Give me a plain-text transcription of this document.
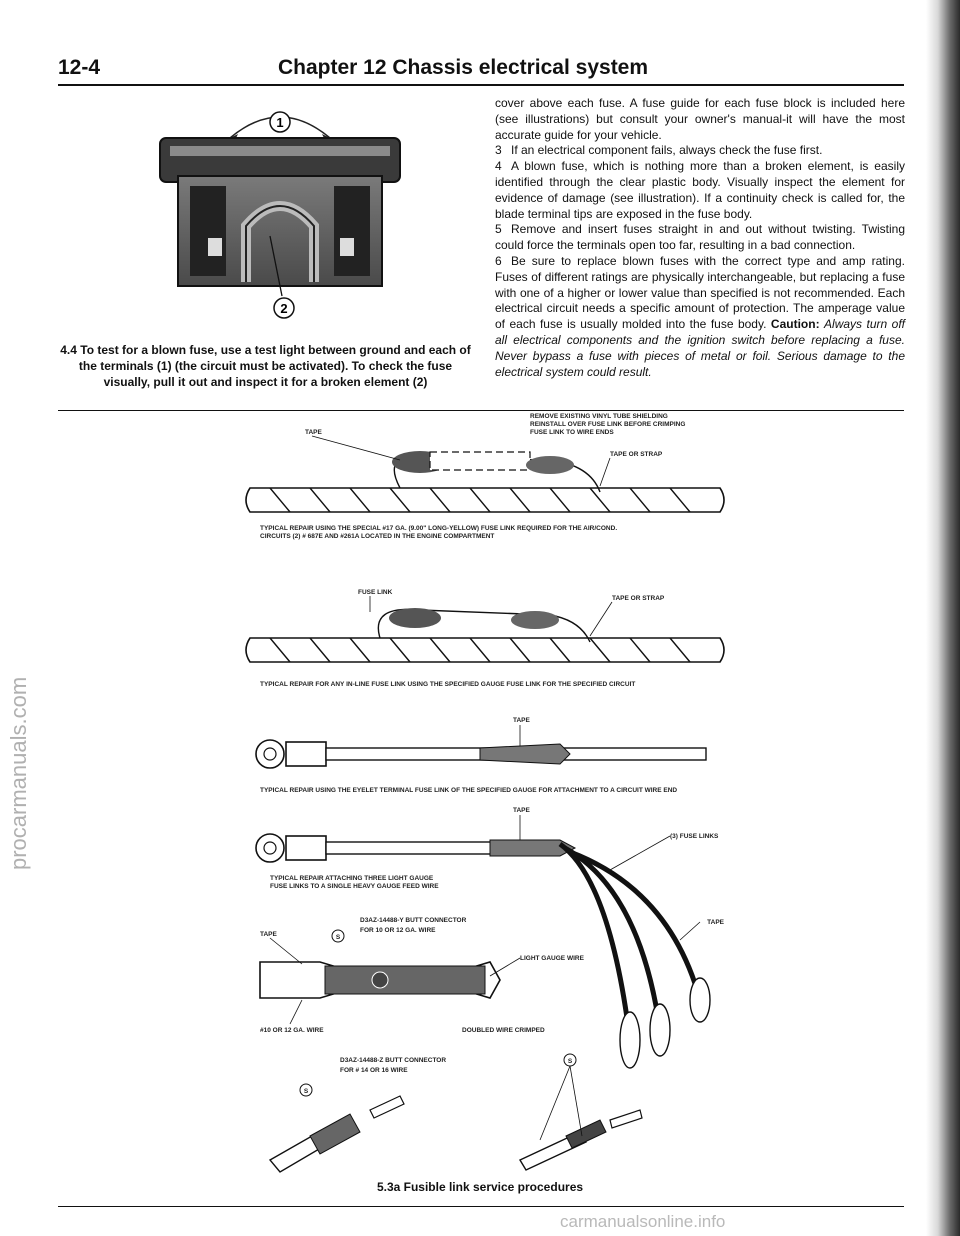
12-4	Chapter 12 Chassis electrical system
1
2
4.4 To test for a blown fuse, use a test light between ground and each of the terminals (1) (the circuit must be activated). To check the fuse visually, pull it out and inspect it for a broken element (2)

cover above each fuse. A fuse guide for each fuse block is included here (see illustrations) but consult your owner's manual-it will have the most accurate guide for your vehicle.

3 If an electrical component fails, always check the fuse first.

4 A blown fuse, which is nothing more than a broken element, is easily identified through the clear plastic body. Visually inspect the element for evidence of damage (see illustration). If a continuity check is called for, the blade terminal tips are exposed in the fuse body.

5 Remove and insert fuses straight in and out without twisting. Twisting could force the terminals open too far, resulting in a bad connection.

6 Be sure to replace blown fuses with the correct type and amp rating. Fuses of different ratings are physically interchangeable, but replacing a fuse with one of a higher or lower value than specified is not recommended. Each electrical circuit needs a specific amount of protection. The amperage value of each fuse is usually molded into the fuse body. Caution: Always turn off all electrical components and the ignition switch before replacing a fuse. Never bypass a fuse with pieces of metal or foil. Serious damage to the electrical system could result.

TAPE
REMOVE EXISTING VINYL TUBE SHIELDING
REINSTALL OVER FUSE LINK BEFORE CRIMPING
FUSE LINK TO WIRE ENDS
TAPE OR STRAP
TYPICAL REPAIR USING THE SPECIAL #17 GA. (9.00" LONG-YELLOW) FUSE LINK REQUIRED FOR THE AIR/COND.
CIRCUITS (2) # 687E AND #261A LOCATED IN THE ENGINE COMPARTMENT
FUSE LINK
TAPE OR STRAP
TYPICAL REPAIR FOR ANY IN-LINE FUSE LINK USING THE SPECIFIED GAUGE FUSE LINK FOR THE SPECIFIED CIRCUIT
TAPE
TYPICAL REPAIR USING THE EYELET TERMINAL FUSE LINK OF THE SPECIFIED GAUGE FOR ATTACHMENT TO A CIRCUIT WIRE END
TAPE
(3) FUSE LINKS
TYPICAL REPAIR ATTACHING THREE LIGHT GAUGE
FUSE LINKS TO A SINGLE HEAVY GAUGE FEED WIRE
TAPE
TAPE	S
D3AZ-14488-Y BUTT CONNECTOR
FOR 10 OR 12 GA. WIRE
LIGHT GAUGE WIRE
#10 OR 12 GA. WIRE	DOUBLED WIRE CRIMPED
D3AZ-14488-Z BUTT CONNECTOR
FOR # 14 OR 16 WIRE
S
S
5.3a Fusible link service procedures
procarmanuals.com
carmanualsonline.info
